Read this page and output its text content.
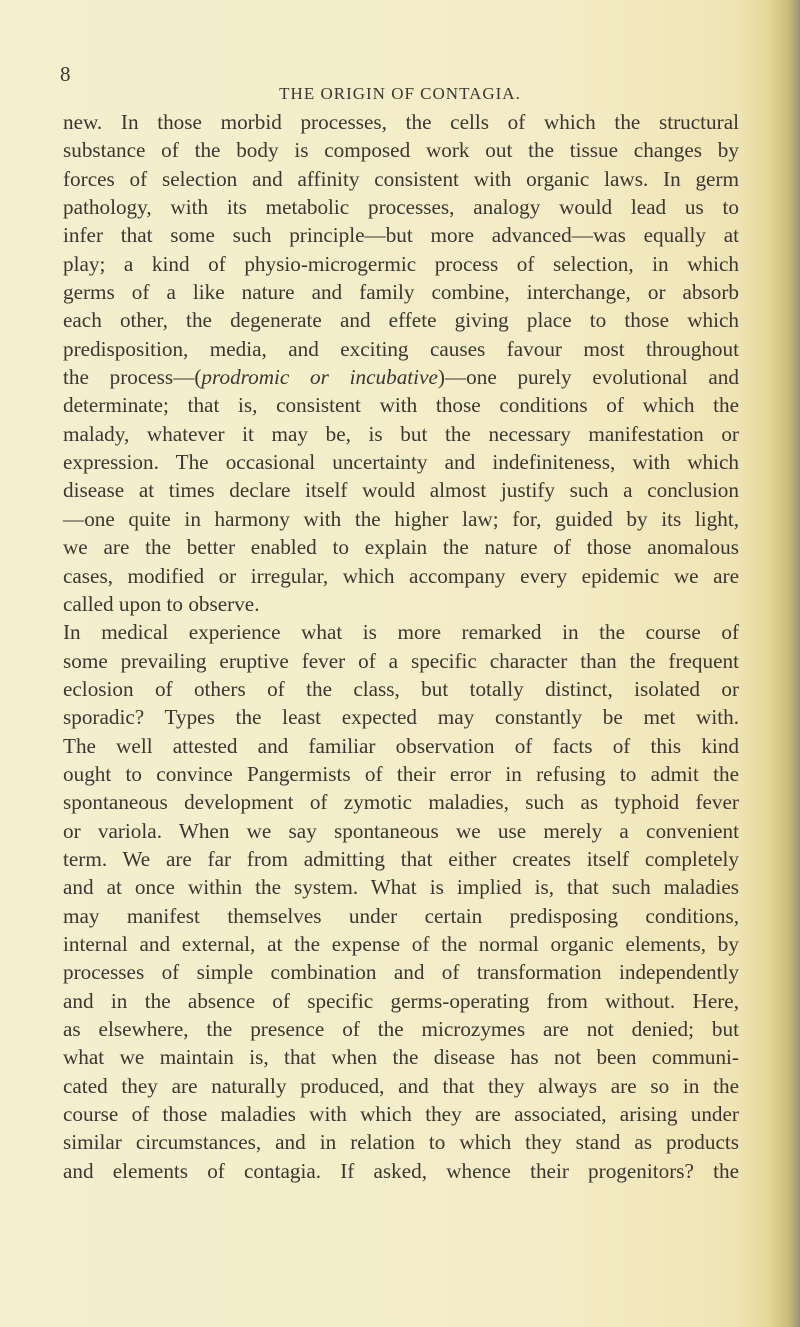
8
THE ORIGIN OF CONTAGIA.
new. In those morbid processes, the cells of which the structural
substance of the body is composed work out the tissue changes by
forces of selection and affinity consistent with organic laws. In germ
pathology, with its metabolic processes, analogy would lead us to
infer that some such principle—but more advanced—was equally at
play; a kind of physio-microgermic process of selection, in which
germs of a like nature and family combine, interchange, or absorb
each other, the degenerate and effete giving place to those which
predisposition, media, and exciting causes favour most throughout
the process—(prodromic or incubative)—one purely evolutional and
determinate; that is, consistent with those conditions of which the
malady, whatever it may be, is but the necessary manifestation or
expression. The occasional uncertainty and indefiniteness, with which
disease at times declare itself would almost justify such a conclusion
—one quite in harmony with the higher law; for, guided by its light,
we are the better enabled to explain the nature of those anomalous
cases, modified or irregular, which accompany every epidemic we are
called upon to observe.
In medical experience what is more remarked in the course of
some prevailing eruptive fever of a specific character than the frequent
eclosion of others of the class, but totally distinct, isolated or
sporadic? Types the least expected may constantly be met with.
The well attested and familiar observation of facts of this kind
ought to convince Pangermists of their error in refusing to admit the
spontaneous development of zymotic maladies, such as typhoid fever
or variola. When we say spontaneous we use merely a convenient
term. We are far from admitting that either creates itself completely
and at once within the system. What is implied is, that such maladies
may manifest themselves under certain predisposing conditions,
internal and external, at the expense of the normal organic elements, by
processes of simple combination and of transformation independently
and in the absence of specific germs-operating from without. Here,
as elsewhere, the presence of the microzymes are not denied; but
what we maintain is, that when the disease has not been communi-
cated they are naturally produced, and that they always are so in the
course of those maladies with which they are associated, arising under
similar circumstances, and in relation to which they stand as products
and elements of contagia. If asked, whence their progenitors? the
